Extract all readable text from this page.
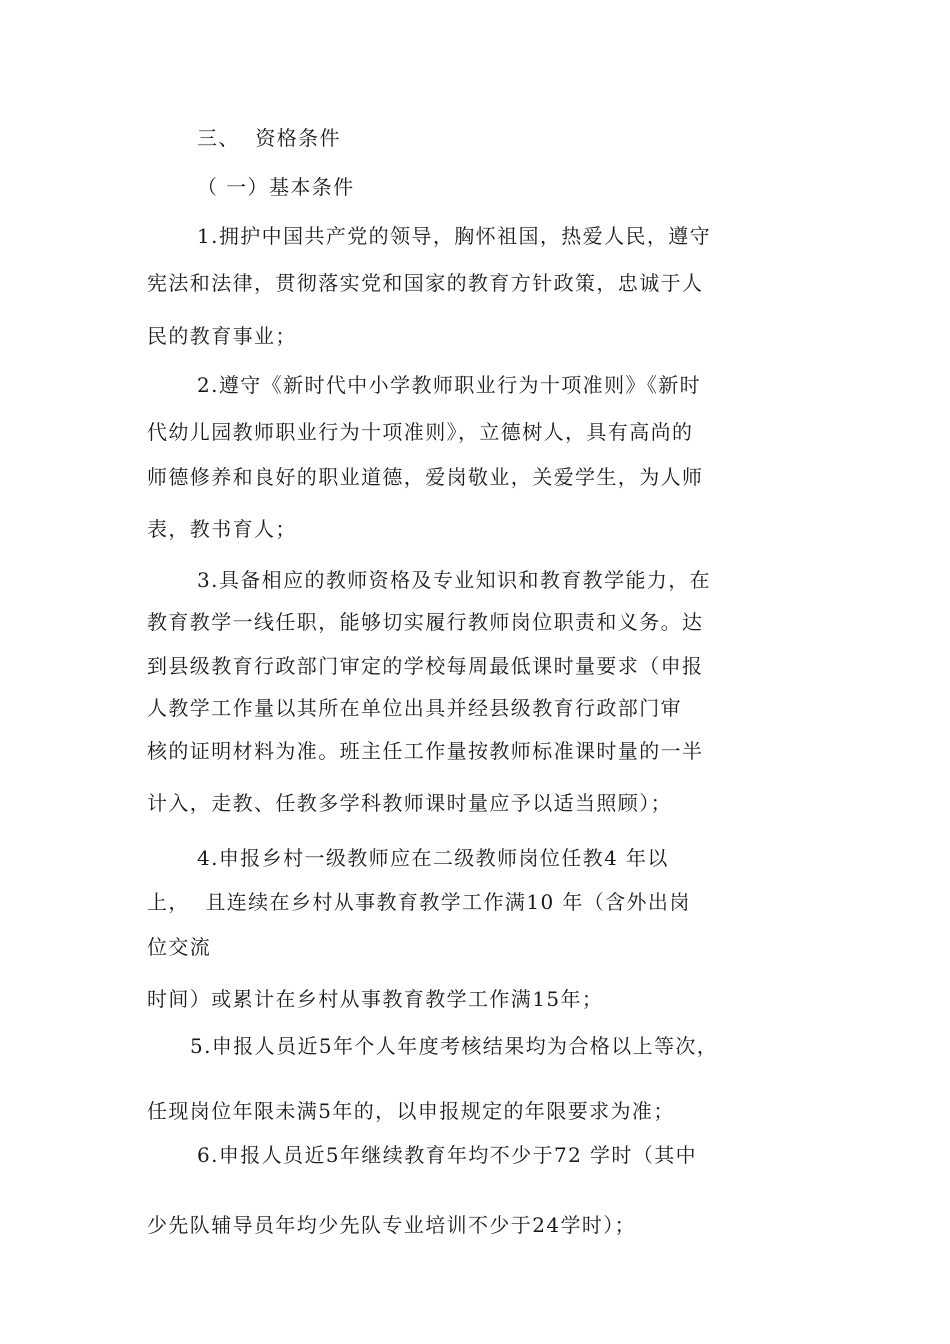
三、  资格条件

（ 一）基本条件

1.拥护中国共产党的领导，胸怀祖国，热爱人民，遵守

宪法和法律，贯彻落实党和国家的教育方针政策，忠诚于人

民的教育事业；

2.遵守《新时代中小学教师职业行为十项准则》《新时

代幼儿园教师职业行为十项准则》，立德树人，具有高尚的

师德修养和良好的职业道德，爱岗敬业，关爱学生，为人师

表，教书育人；

3.具备相应的教师资格及专业知识和教育教学能力，在

教育教学一线任职，能够切实履行教师岗位职责和义务。达

到县级教育行政部门审定的学校每周最低课时量要求（申报

人教学工作量以其所在单位出具并经县级教育行政部门审

核的证明材料为准。班主任工作量按教师标准课时量的一半

计入，走教、任教多学科教师课时量应予以适当照顾）；

4.申报乡村一级教师应在二级教师岗位任教4 年以

上，  且连续在乡村从事教育教学工作满10 年（含外出岗

位交流

时间）或累计在乡村从事教育教学工作满15年；

5.申报人员近5年个人年度考核结果均为合格以上等次，

任现岗位年限未满5年的，以申报规定的年限要求为准；

6.申报人员近5年继续教育年均不少于72 学时（其中

少先队辅导员年均少先队专业培训不少于24学时）；
